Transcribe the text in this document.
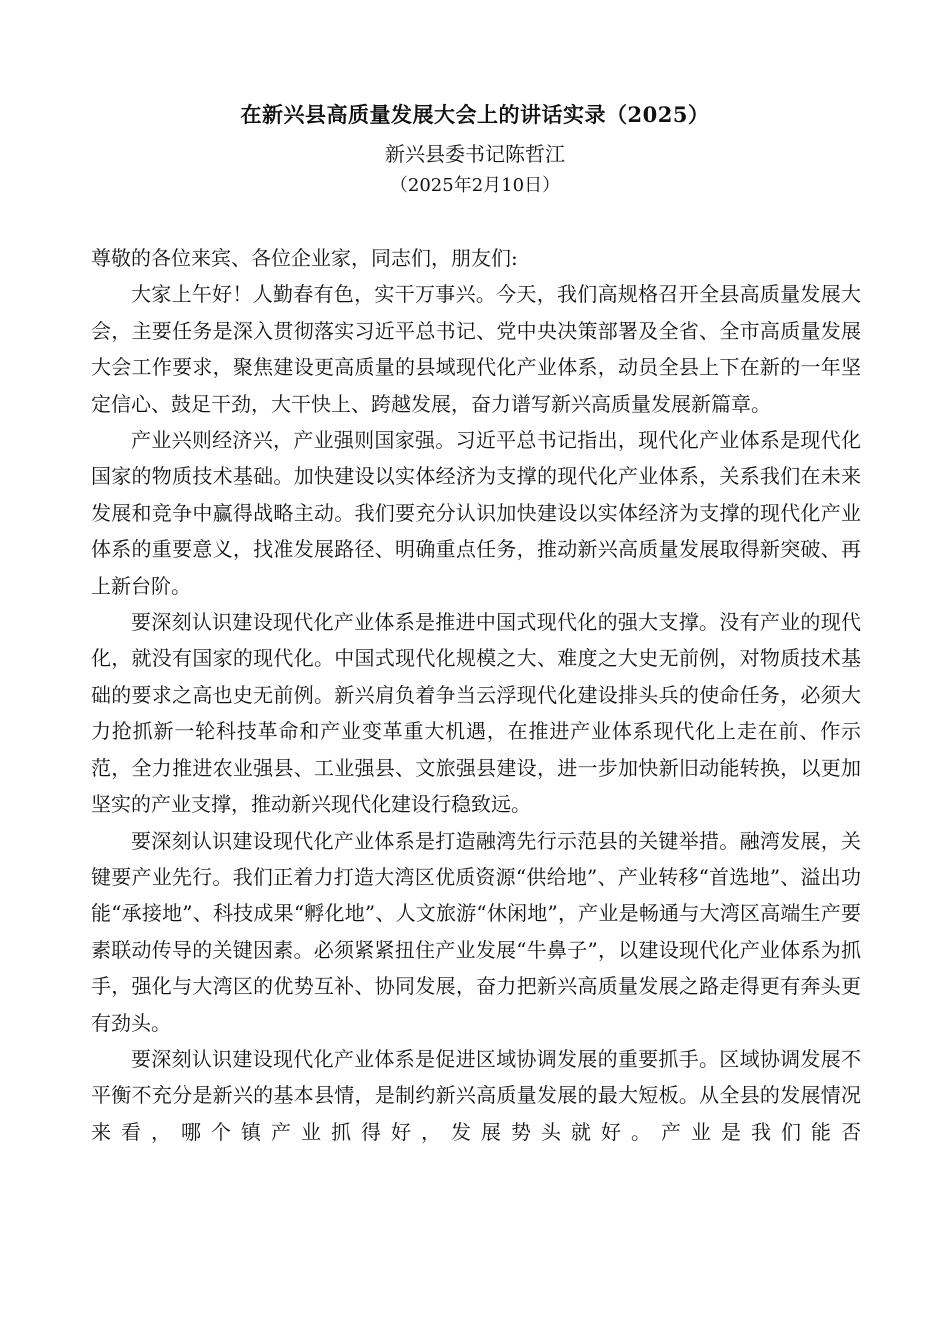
在新兴县高质量发展大会上的讲话实录（2025）
新兴县委书记陈哲江
（2025年2月10日）

尊敬的各位来宾、各位企业家，同志们，朋友们:

大家上午好！人勤春有色，实干万事兴。今天，我们高规格召开全县高质量发展大会，主要任务是深入贯彻落实习近平总书记、党中央决策部署及全省、全市高质量发展大会工作要求，聚焦建设更高质量的县域现代化产业体系，动员全县上下在新的一年坚定信心、鼓足干劲，大干快上、跨越发展，奋力谱写新兴高质量发展新篇章。

产业兴则经济兴，产业强则国家强。习近平总书记指出，现代化产业体系是现代化国家的物质技术基础。加快建设以实体经济为支撑的现代化产业体系，关系我们在未来发展和竞争中赢得战略主动。我们要充分认识加快建设以实体经济为支撑的现代化产业体系的重要意义，找准发展路径、明确重点任务，推动新兴高质量发展取得新突破、再上新台阶。

要深刻认识建设现代化产业体系是推进中国式现代化的强大支撑。没有产业的现代化，就没有国家的现代化。中国式现代化规模之大、难度之大史无前例，对物质技术基础的要求之高也史无前例。新兴肩负着争当云浮现代化建设排头兵的使命任务，必须大力抢抓新一轮科技革命和产业变革重大机遇，在推进产业体系现代化上走在前、作示范，全力推进农业强县、工业强县、文旅强县建设，进一步加快新旧动能转换，以更加坚实的产业支撑，推动新兴现代化建设行稳致远。

要深刻认识建设现代化产业体系是打造融湾先行示范县的关键举措。融湾发展，关键要产业先行。我们正着力打造大湾区优质资源“供给地”、产业转移“首选地”、溢出功能“承接地”、科技成果“孵化地”、人文旅游“休闲地”，产业是畅通与大湾区高端生产要素联动传导的关键因素。必须紧紧扭住产业发展“牛鼻子”，以建设现代化产业体系为抓手，强化与大湾区的优势互补、协同发展，奋力把新兴高质量发展之路走得更有奔头更有劲头。

要深刻认识建设现代化产业体系是促进区域协调发展的重要抓手。区域协调发展不平衡不充分是新兴的基本县情，是制约新兴高质量发展的最大短板。从全县的发展情况来看，哪个镇产业抓得好，发展势头就好。产业是我们能否
